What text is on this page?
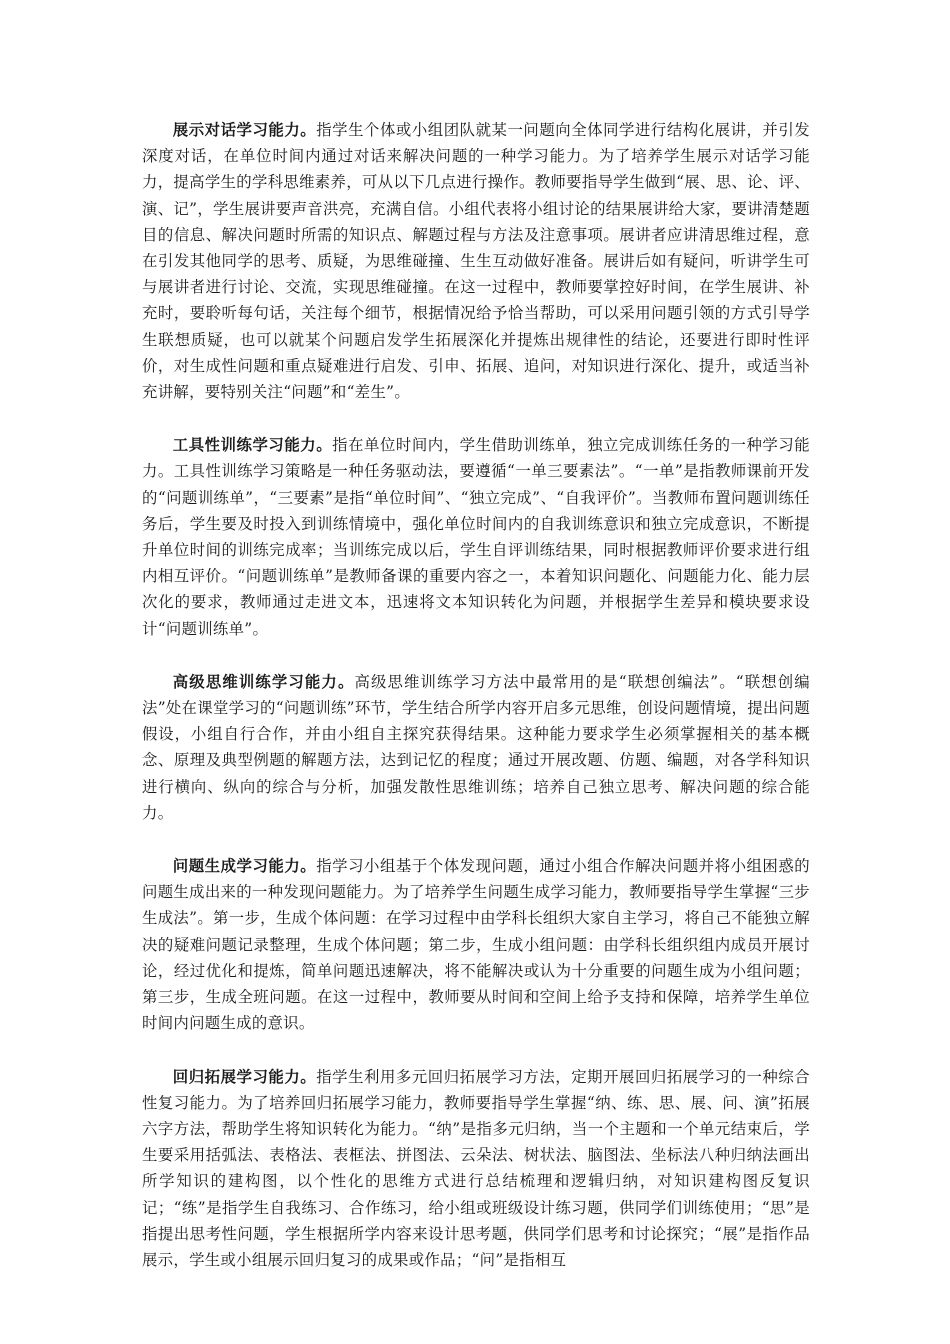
展示对话学习能力。指学生个体或小组团队就某一问题向全体同学进行结构化展讲，并引发深度对话，在单位时间内通过对话来解决问题的一种学习能力。为了培养学生展示对话学习能力，提高学生的学科思维素养，可从以下几点进行操作。教师要指导学生做到“展、思、论、评、演、记”，学生展讲要声音洪亮，充满自信。小组代表将小组讨论的结果展讲给大家，要讲清楚题目的信息、解决问题时所需的知识点、解题过程与方法及注意事项。展讲者应讲清思维过程，意在引发其他同学的思考、质疑，为思维碰撞、生生互动做好准备。展讲后如有疑问，听讲学生可与展讲者进行讨论、交流，实现思维碰撞。在这一过程中，教师要掌控好时间，在学生展讲、补充时，要聆听每句话，关注每个细节，根据情况给予恰当帮助，可以采用问题引领的方式引导学生联想质疑，也可以就某个问题启发学生拓展深化并提炼出规律性的结论，还要进行即时性评价，对生成性问题和重点疑难进行启发、引申、拓展、追问，对知识进行深化、提升，或适当补充讲解，要特别关注“问题”和“差生”。

工具性训练学习能力。指在单位时间内，学生借助训练单，独立完成训练任务的一种学习能力。工具性训练学习策略是一种任务驱动法，要遵循“一单三要素法”。“一单”是指教师课前开发的“问题训练单”，“三要素”是指“单位时间”、“独立完成”、“自我评价”。当教师布置问题训练任务后，学生要及时投入到训练情境中，强化单位时间内的自我训练意识和独立完成意识，不断提升单位时间的训练完成率；当训练完成以后，学生自评训练结果，同时根据教师评价要求进行组内相互评价。“问题训练单”是教师备课的重要内容之一，本着知识问题化、问题能力化、能力层次化的要求，教师通过走进文本，迅速将文本知识转化为问题，并根据学生差异和模块要求设计“问题训练单”。

高级思维训练学习能力。高级思维训练学习方法中最常用的是“联想创编法”。“联想创编法”处在课堂学习的“问题训练”环节，学生结合所学内容开启多元思维，创设问题情境，提出问题假设，小组自行合作，并由小组自主探究获得结果。这种能力要求学生必须掌握相关的基本概念、原理及典型例题的解题方法，达到记忆的程度；通过开展改题、仿题、编题，对各学科知识进行横向、纵向的综合与分析，加强发散性思维训练；培养自己独立思考、解决问题的综合能力。

问题生成学习能力。指学习小组基于个体发现问题，通过小组合作解决问题并将小组困惑的问题生成出来的一种发现问题能力。为了培养学生问题生成学习能力，教师要指导学生掌握“三步生成法”。第一步，生成个体问题：在学习过程中由学科长组织大家自主学习，将自己不能独立解决的疑难问题记录整理，生成个体问题；第二步，生成小组问题：由学科长组织组内成员开展讨论，经过优化和提炼，简单问题迅速解决，将不能解决或认为十分重要的问题生成为小组问题；第三步，生成全班问题。在这一过程中，教师要从时间和空间上给予支持和保障，培养学生单位时间内问题生成的意识。

回归拓展学习能力。指学生利用多元回归拓展学习方法，定期开展回归拓展学习的一种综合性复习能力。为了培养回归拓展学习能力，教师要指导学生掌握“纳、练、思、展、问、演”拓展六字方法，帮助学生将知识转化为能力。“纳”是指多元归纳，当一个主题和一个单元结束后，学生要采用括弧法、表格法、表框法、拼图法、云朵法、树状法、脑图法、坐标法八种归纳法画出所学知识的建构图，以个性化的思维方式进行总结梳理和逻辑归纳，对知识建构图反复识记；“练”是指学生自我练习、合作练习，给小组或班级设计练习题，供同学们训练使用；“思”是指提出思考性问题，学生根据所学内容来设计思考题，供同学们思考和讨论探究；“展”是指作品展示，学生或小组展示回归复习的成果或作品；“问”是指相互
